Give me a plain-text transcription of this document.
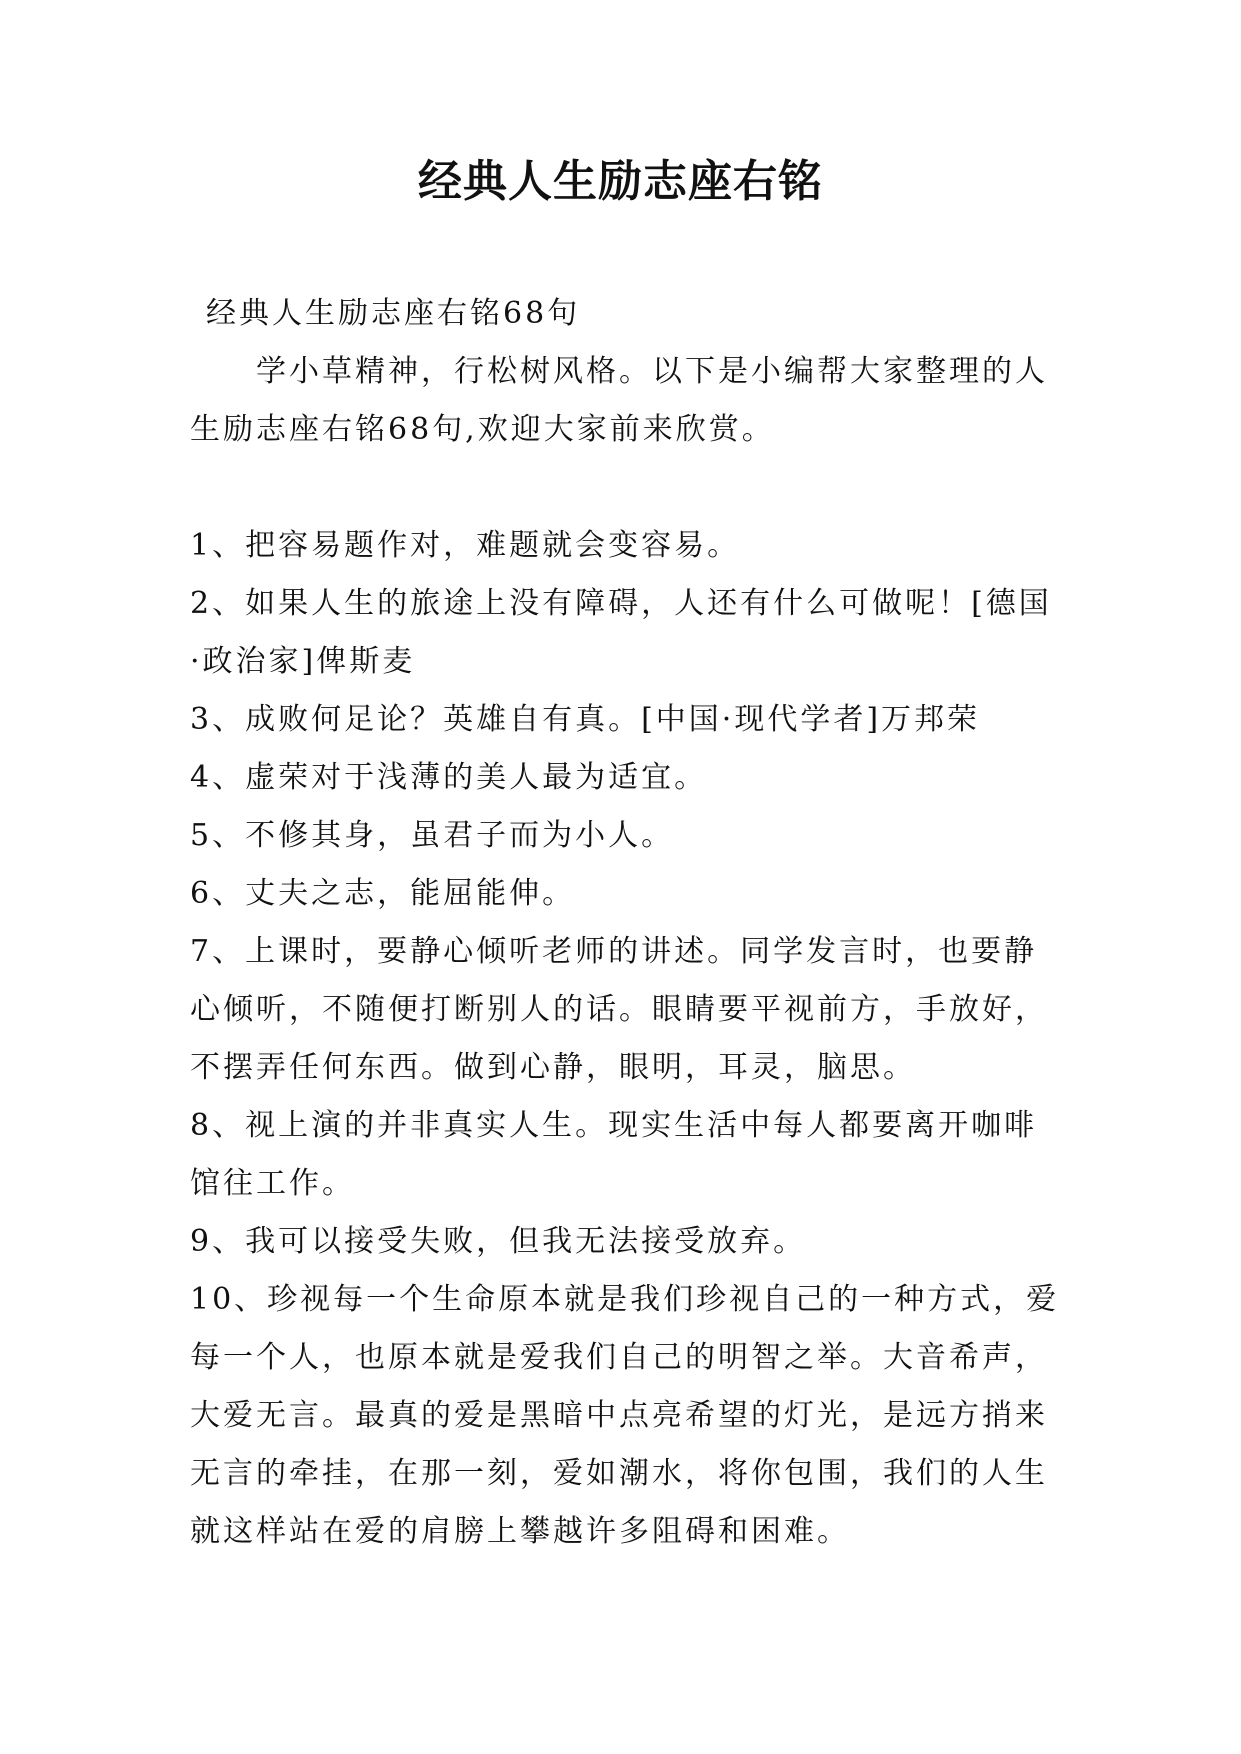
经典人生励志座右铭

经典人生励志座右铭68句

学小草精神，行松树风格。以下是小编帮大家整理的人生励志座右铭68句,欢迎大家前来欣赏。

1、把容易题作对，难题就会变容易。
2、如果人生的旅途上没有障碍，人还有什么可做呢！[德国·政治家]俾斯麦
3、成败何足论？英雄自有真。[中国·现代学者]万邦荣
4、虚荣对于浅薄的美人最为适宜。
5、不修其身，虽君子而为小人。
6、丈夫之志，能屈能伸。
7、上课时，要静心倾听老师的讲述。同学发言时，也要静心倾听，不随便打断别人的话。眼睛要平视前方，手放好，不摆弄任何东西。做到心静，眼明，耳灵，脑思。
8、视上演的并非真实人生。现实生活中每人都要离开咖啡馆往工作。
9、我可以接受失败，但我无法接受放弃。
10、珍视每一个生命原本就是我们珍视自己的一种方式，爱每一个人，也原本就是爱我们自己的明智之举。大音希声，大爱无言。最真的爱是黑暗中点亮希望的灯光，是远方捎来无言的牵挂，在那一刻，爱如潮水，将你包围，我们的人生就这样站在爱的肩膀上攀越许多阻碍和困难。
